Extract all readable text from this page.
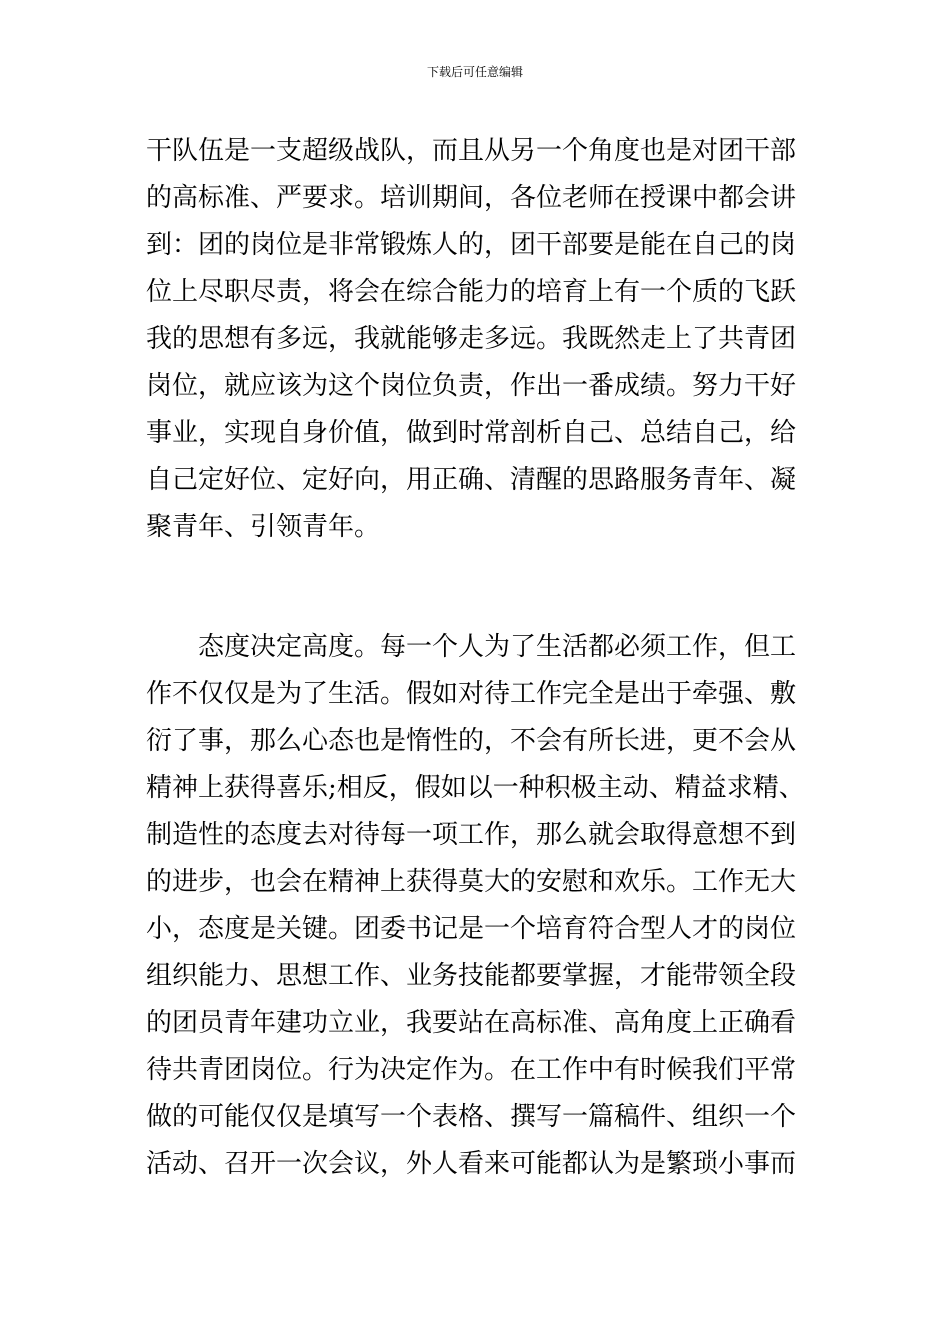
下载后可任意编辑
干队伍是一支超级战队，而且从另一个角度也是对团干部
的高标准、严要求。培训期间，各位老师在授课中都会讲
到：团的岗位是非常锻炼人的，团干部要是能在自己的岗
位上尽职尽责，将会在综合能力的培育上有一个质的飞跃
我的思想有多远，我就能够走多远。我既然走上了共青团
岗位，就应该为这个岗位负责，作出一番成绩。努力干好
事业，实现自身价值，做到时常剖析自己、总结自己，给
自己定好位、定好向，用正确、清醒的思路服务青年、凝
聚青年、引领青年。
态度决定高度。每一个人为了生活都必须工作，但工
作不仅仅是为了生活。假如对待工作完全是出于牵强、敷
衍了事，那么心态也是惰性的，不会有所长进，更不会从
精神上获得喜乐;相反，假如以一种积极主动、精益求精、
制造性的态度去对待每一项工作，那么就会取得意想不到
的进步，也会在精神上获得莫大的安慰和欢乐。工作无大
小，态度是关键。团委书记是一个培育符合型人才的岗位
组织能力、思想工作、业务技能都要掌握，才能带领全段
的团员青年建功立业，我要站在高标准、高角度上正确看
待共青团岗位。行为决定作为。在工作中有时候我们平常
做的可能仅仅是填写一个表格、撰写一篇稿件、组织一个
活动、召开一次会议，外人看来可能都认为是繁琐小事而
